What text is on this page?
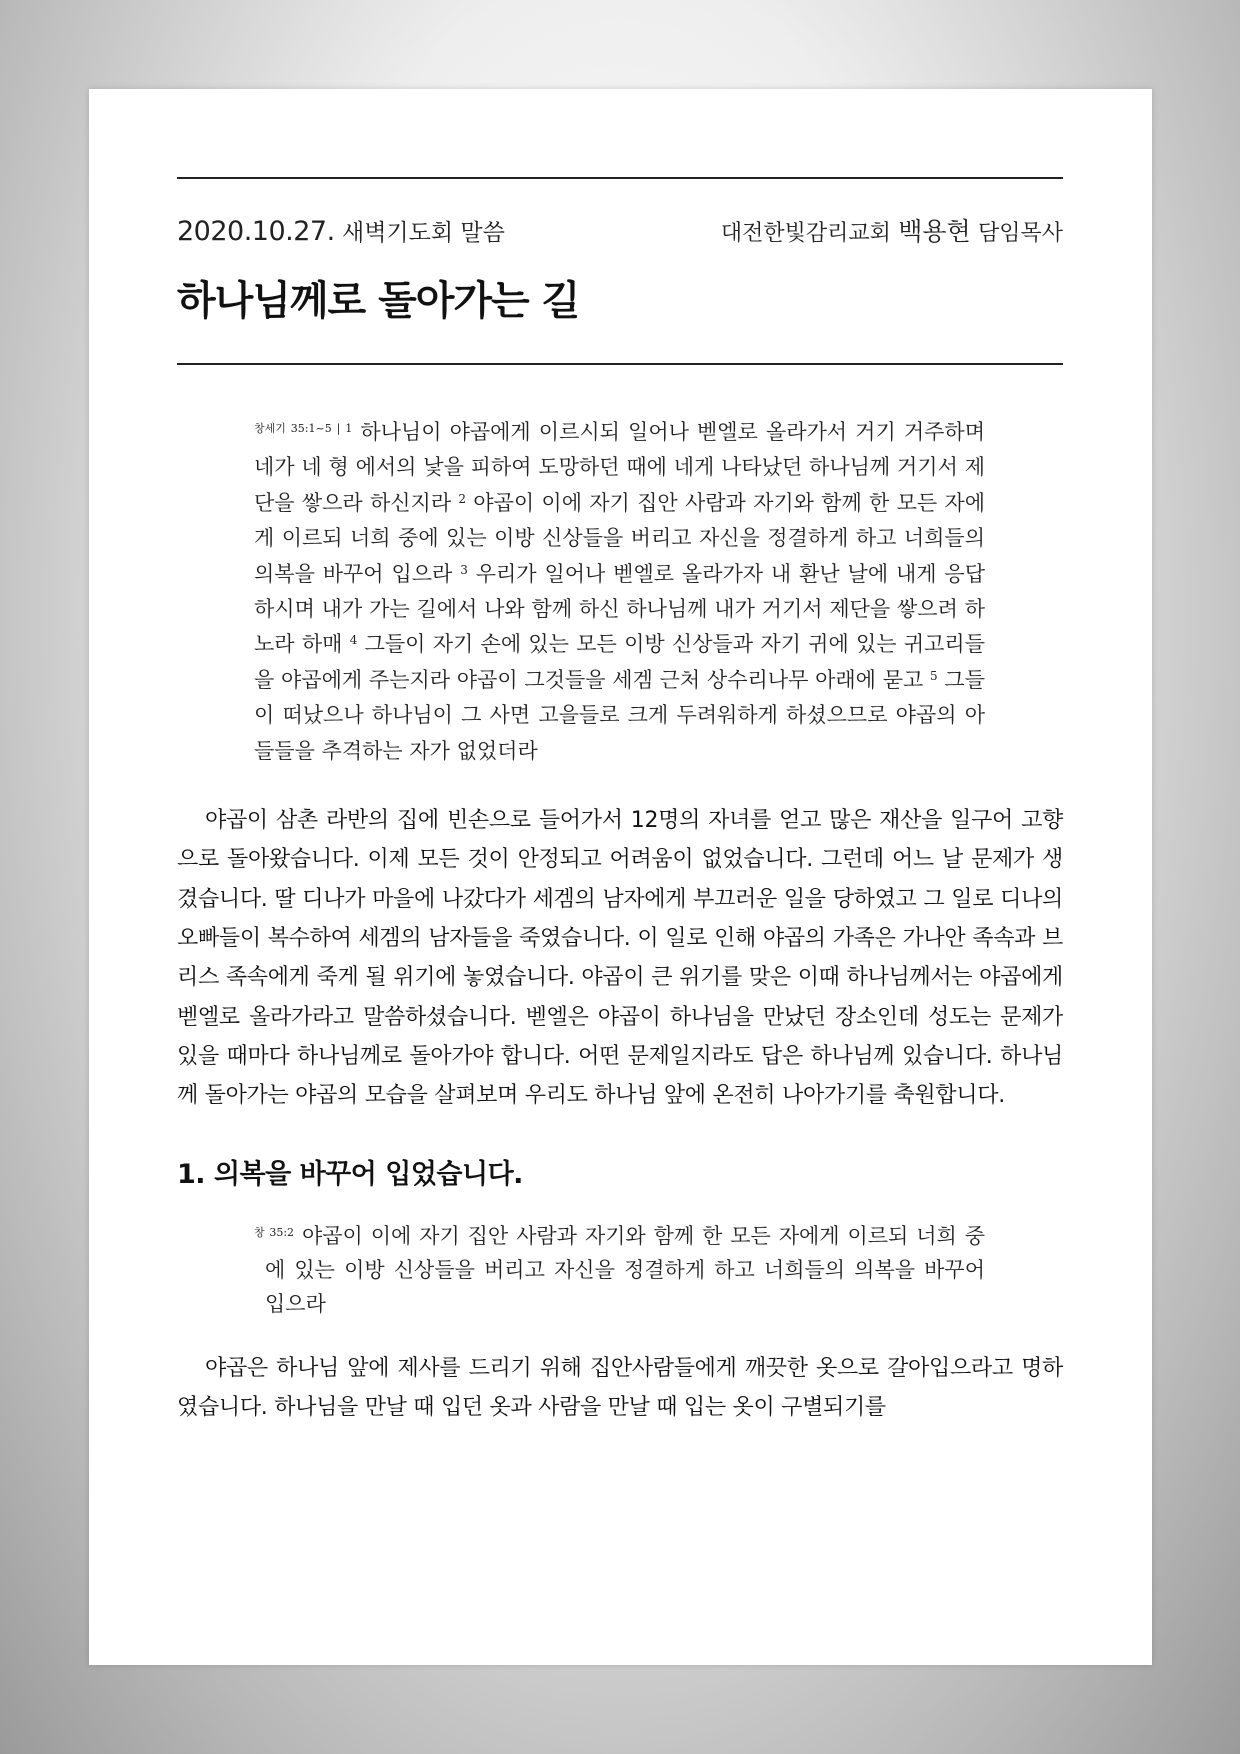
2020.10.27. 새벽기도회 말씀	대전한빛감리교회 백용현 담임목사
하나님께로 돌아가는 길
$^{창세기 35:1\sim 5 | 1}$ 하나님이 야곱에게 이르시되 일어나 벧엘로 올라가서 거기 거주하며 네가 네 형 에서의 낯을 피하여 도망하던 때에 네게 나타났던 하나님께 거기서 제단을 쌓으라 하신지라 $^2$ 야곱이 이에 자기 집안 사람과 자기와 함께 한 모든 자에게 이르되 너희 중에 있는 이방 신상들을 버리고 자신을 정결하게 하고 너희들의 의복을 바꾸어 입으라 $^3$ 우리가 일어나 벧엘로 올라가자 내 환난 날에 내게 응답하시며 내가 가는 길에서 나와 함께 하신 하나님께 내가 거기서 제단을 쌓으려 하노라 하매 $^4$ 그들이 자기 손에 있는 모든 이방 신상들과 자기 귀에 있는 귀고리들을 야곱에게 주는지라 야곱이 그것들을 세겜 근처 상수리나무 아래에 묻고 $^5$ 그들이 떠났으나 하나님이 그 사면 고을들로 크게 두려워하게 하셨으므로 야곱의 아들들을 추격하는 자가 없었더라

야곱이 삼촌 라반의 집에 빈손으로 들어가서 12명의 자녀를 얻고 많은 재산을 일구어 고향으로 돌아왔습니다. 이제 모든 것이 안정되고 어려움이 없었습니다. 그런데 어느 날 문제가 생겼습니다. 딸 디나가 마을에 나갔다가 세겜의 남자에게 부끄러운 일을 당하였고 그 일로 디나의 오빠들이 복수하여 세겜의 남자들을 죽였습니다. 이 일로 인해 야곱의 가족은 가나안 족속과 브리스 족속에게 죽게 될 위기에 놓였습니다. 야곱이 큰 위기를 맞은 이때 하나님께서는 야곱에게 벧엘로 올라가라고 말씀하셨습니다. 벧엘은 야곱이 하나님을 만났던 장소인데 성도는 문제가 있을 때마다 하나님께로 돌아가야 합니다. 어떤 문제일지라도 답은 하나님께 있습니다. 하나님께 돌아가는 야곱의 모습을 살펴보며 우리도 하나님 앞에 온전히 나아가기를 축원합니다.

1. 의복을 바꾸어 입었습니다.
$^{창 35:2}$ 야곱이 이에 자기 집안 사람과 자기와 함께 한 모든 자에게 이르되 너희 중에 있는 이방 신상들을 버리고 자신을 정결하게 하고 너희들의 의복을 바꾸어 입으라

야곱은 하나님 앞에 제사를 드리기 위해 집안사람들에게 깨끗한 옷으로 갈아입으라고 명하였습니다. 하나님을 만날 때 입던 옷과 사람을 만날 때 입는 옷이 구별되기를
